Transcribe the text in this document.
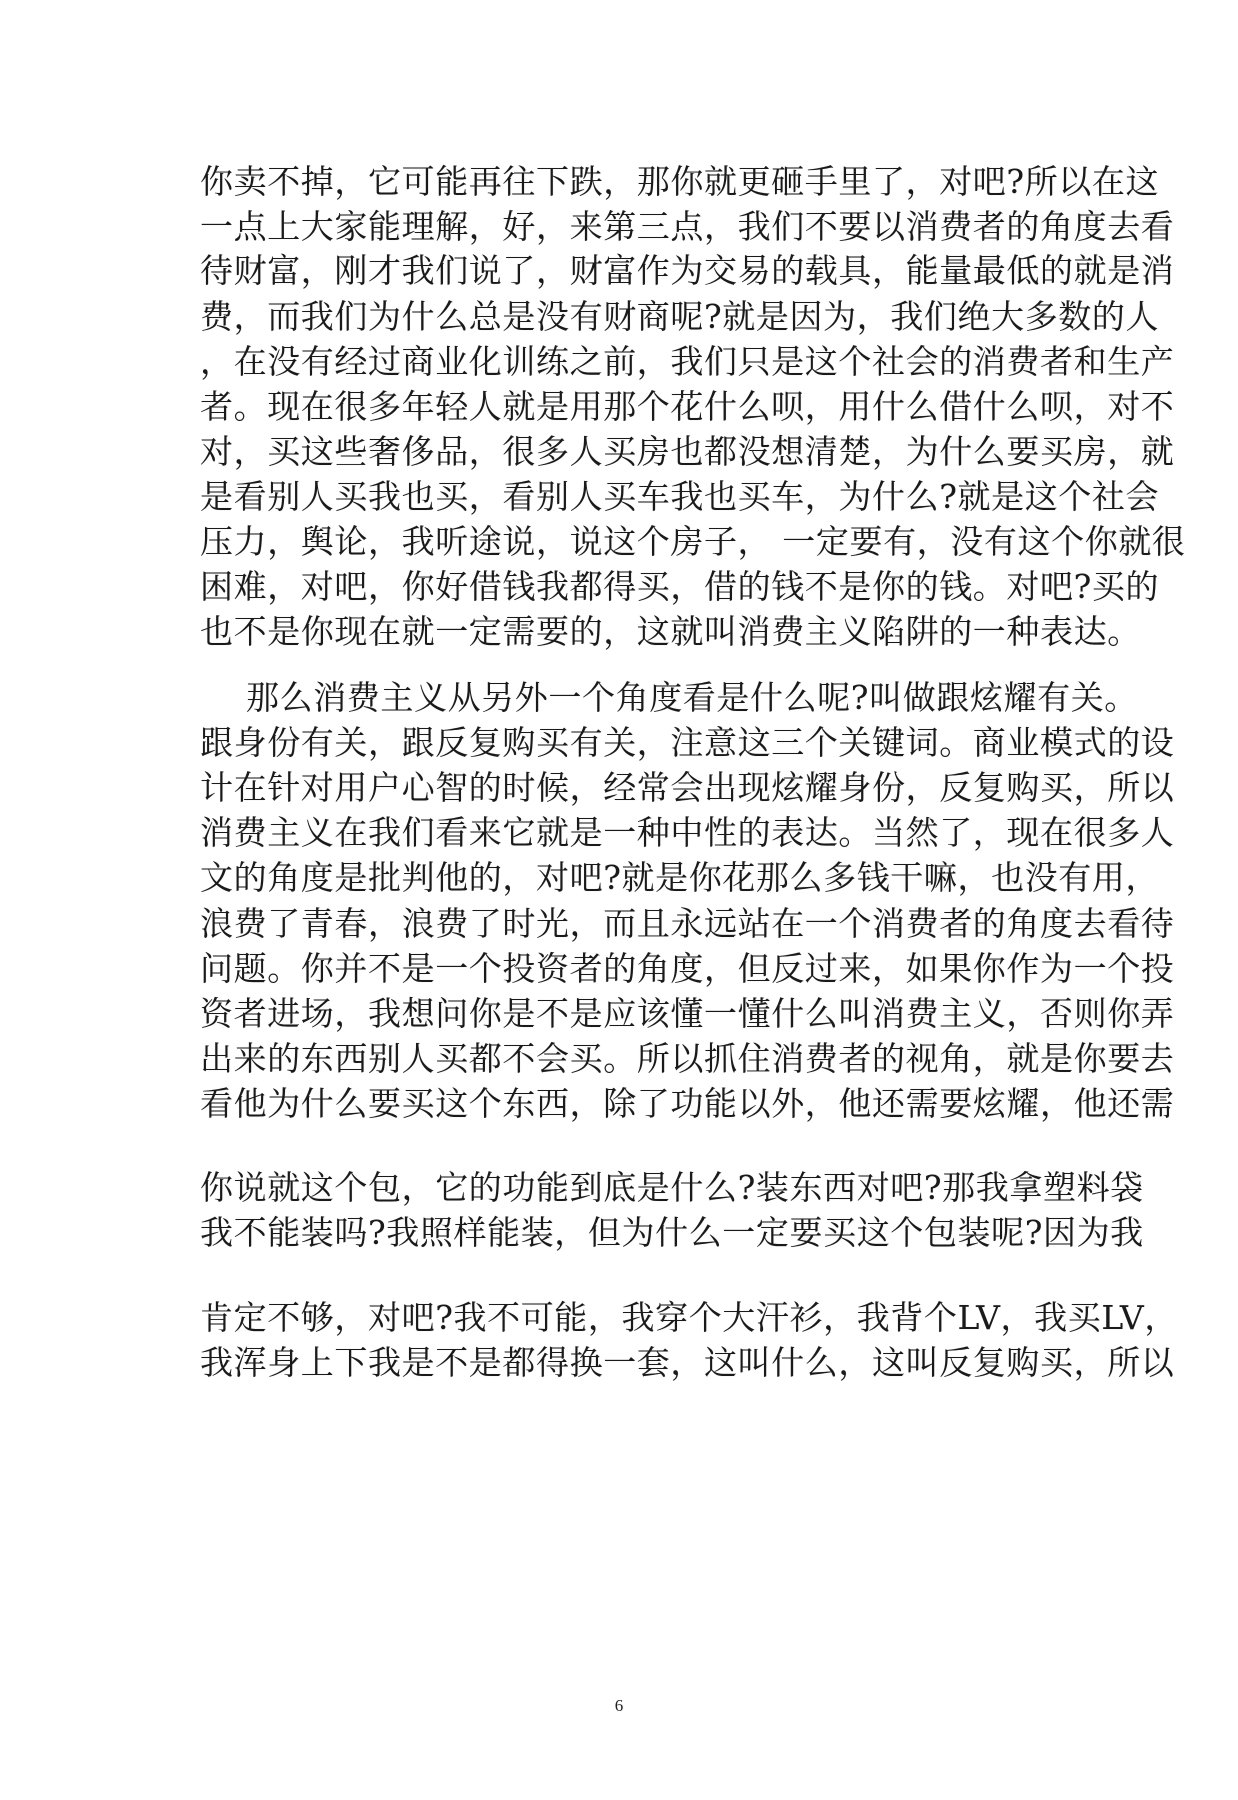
你卖不掉，它可能再往下跌，那你就更砸手里了，对吧?所以在这
一点上大家能理解，好，来第三点，我们不要以消费者的角度去看
待财富，刚才我们说了，财富作为交易的载具，能量最低的就是消
费，而我们为什么总是没有财商呢?就是因为，我们绝大多数的人
，在没有经过商业化训练之前，我们只是这个社会的消费者和生产
者。现在很多年轻人就是用那个花什么呗，用什么借什么呗，对不
对，买这些奢侈品，很多人买房也都没想清楚，为什么要买房，就
是看别人买我也买，看别人买车我也买车，为什么?就是这个社会
压力，舆论，我听途说，说这个房子， 一定要有，没有这个你就很
困难，对吧，你好借钱我都得买，借的钱不是你的钱。对吧?买的
也不是你现在就一定需要的，这就叫消费主义陷阱的一种表达。
那么消费主义从另外一个角度看是什么呢?叫做跟炫耀有关。
跟身份有关，跟反复购买有关，注意这三个关键词。商业模式的设
计在针对用户心智的时候，经常会出现炫耀身份，反复购买，所以
消费主义在我们看来它就是一种中性的表达。当然了，现在很多人
文的角度是批判他的，对吧?就是你花那么多钱干嘛，也没有用，
浪费了青春，浪费了时光，而且永远站在一个消费者的角度去看待
问题。你并不是一个投资者的角度，但反过来，如果你作为一个投
资者进场，我想问你是不是应该懂一懂什么叫消费主义，否则你弄
出来的东西别人买都不会买。所以抓住消费者的视角，就是你要去
看他为什么要买这个东西，除了功能以外，他还需要炫耀，他还需
你说就这个包，它的功能到底是什么?装东西对吧?那我拿塑料袋
我不能装吗?我照样能装，但为什么一定要买这个包装呢?因为我
肯定不够，对吧?我不可能，我穿个大汗衫，我背个LV，我买LV，
我浑身上下我是不是都得换一套，这叫什么，这叫反复购买，所以
6
